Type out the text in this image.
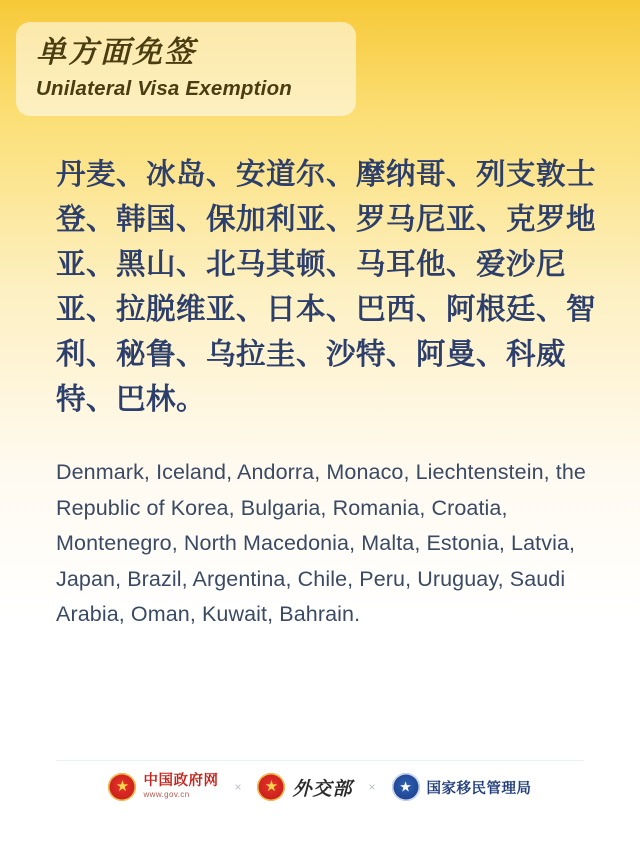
单方面免签
Unilateral Visa Exemption
丹麦、冰岛、安道尔、摩纳哥、列支敦士登、韩国、保加利亚、罗马尼亚、克罗地亚、黑山、北马其顿、马耳他、爱沙尼亚、拉脱维亚、日本、巴西、阿根廷、智利、秘鲁、乌拉圭、沙特、阿曼、科威特、巴林。
Denmark, Iceland, Andorra, Monaco, Liechtenstein, the Republic of Korea, Bulgaria, Romania, Croatia, Montenegro, North Macedonia, Malta, Estonia, Latvia, Japan, Brazil, Argentina, Chile, Peru, Uruguay, Saudi Arabia, Oman, Kuwait, Bahrain.
★
中国政府网
www.gov.cn
× ★	外交部 × ★	国家移民管理局
